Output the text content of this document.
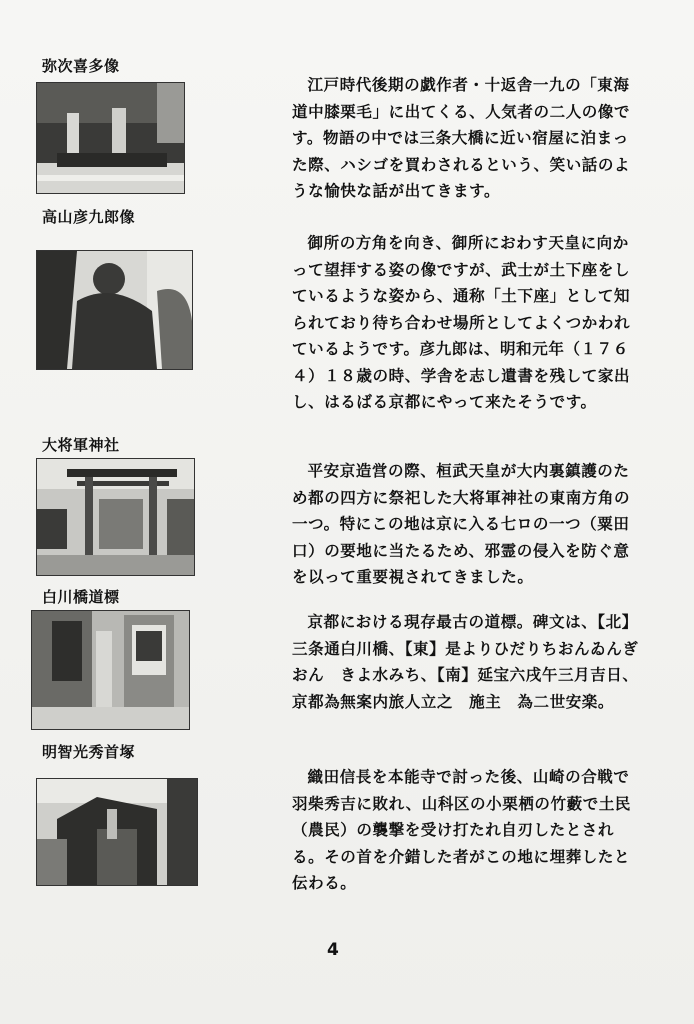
弥次喜多像
高山彦九郎像
大将軍神社
白川橋道標
明智光秀首塚

江戸時代後期の戯作者・十返舎一九の「東海道中膝栗毛」に出てくる、人気者の二人の像です。物語の中では三条大橋に近い宿屋に泊まった際、ハシゴを買わされるという、笑い話のような愉快な話が出てきます。

御所の方角を向き、御所におわす天皇に向かって望拝する姿の像ですが、武士が土下座をしているような姿から、通称「土下座」として知られており待ち合わせ場所としてよくつかわれているようです。彦九郎は、明和元年（１７６４）１８歳の時、学舎を志し遺書を残して家出し、はるばる京都にやって来たそうです。

平安京造営の際、桓武天皇が大内裏鎮護のため都の四方に祭祀した大将軍神社の東南方角の一つ。特にこの地は京に入る七ロの一つ（粟田口）の要地に当たるため、邪霊の侵入を防ぐ意を以って重要視されてきました。

京都における現存最古の道標。碑文は、【北】三条通白川橋、【東】是よりひだりちおんゐんぎおん　きよ水みち、【南】延宝六戌午三月吉日、京都為無案内旅人立之　施主　為二世安楽。

織田信長を本能寺で討った後、山崎の合戦で羽柴秀吉に敗れ、山科区の小栗栖の竹藪で土民（農民）の襲撃を受け打たれ自刃したとされる。その首を介錯した者がこの地に埋葬したと伝わる。

4
